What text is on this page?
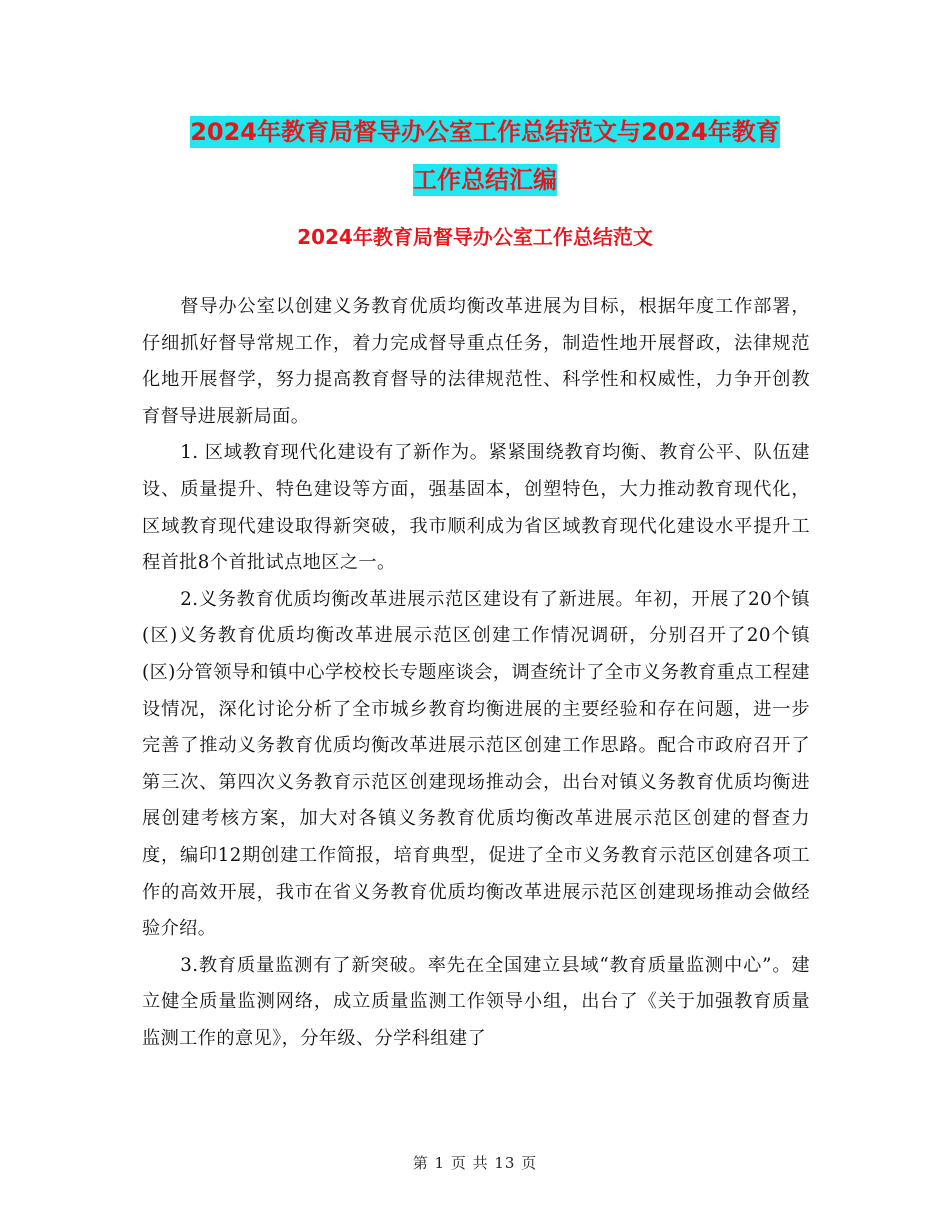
2024年教育局督导办公室工作总结范文与2024年教育
工作总结汇编
2024年教育局督导办公室工作总结范文

督导办公室以创建义务教育优质均衡改革进展为目标，根据年度工作部署，仔细抓好督导常规工作，着力完成督导重点任务，制造性地开展督政，法律规范化地开展督学，努力提高教育督导的法律规范性、科学性和权威性，力争开创教育督导进展新局面。

1. 区域教育现代化建设有了新作为。紧紧围绕教育均衡、教育公平、队伍建设、质量提升、特色建设等方面，强基固本，创塑特色，大力推动教育现代化，区域教育现代建设取得新突破，我市顺利成为省区域教育现代化建设水平提升工程首批8个首批试点地区之一。

2.义务教育优质均衡改革进展示范区建设有了新进展。年初，开展了20个镇(区)义务教育优质均衡改革进展示范区创建工作情况调研，分别召开了20个镇 (区)分管领导和镇中心学校校长专题座谈会，调查统计了全市义务教育重点工程建设情况，深化讨论分析了全市城乡教育均衡进展的主要经验和存在问题，进一步完善了推动义务教育优质均衡改革进展示范区创建工作思路。配合市政府召开了第三次、第四次义务教育示范区创建现场推动会，出台对镇义务教育优质均衡进展创建考核方案，加大对各镇义务教育优质均衡改革进展示范区创建的督查力度，编印12期创建工作简报，培育典型，促进了全市义务教育示范区创建各项工作的高效开展，我市在省义务教育优质均衡改革进展示范区创建现场推动会做经验介绍。

3.教育质量监测有了新突破。率先在全国建立县域“教育质量监测中心”。建立健全质量监测网络，成立质量监测工作领导小组，出台了《关于加强教育质量监测工作的意见》，分年级、分学科组建了

第 1 页 共 13 页
